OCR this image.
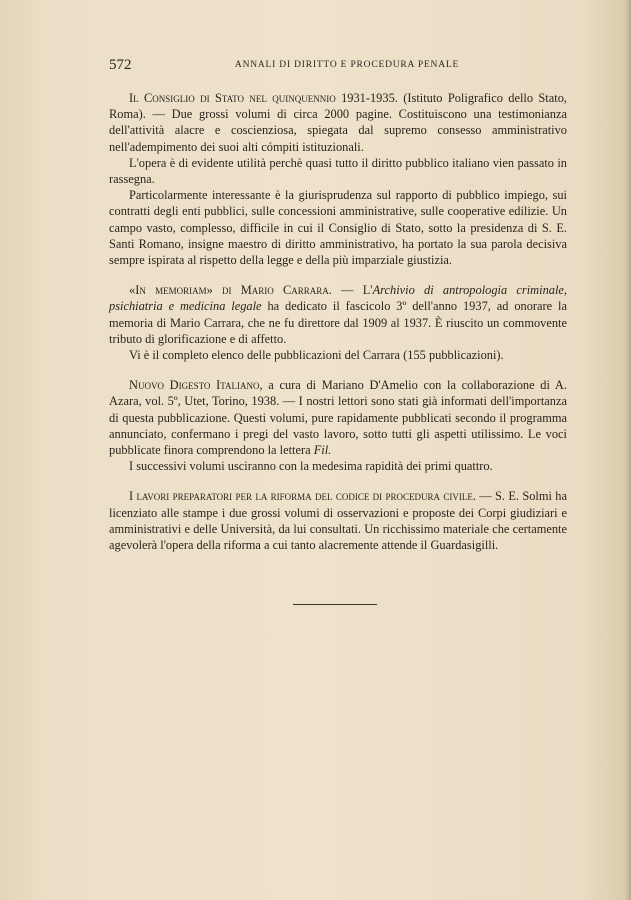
572	ANNALI DI DIRITTO E PROCEDURA PENALE

Il Consiglio di Stato nel quinquennio 1931-1935. (Istituto Poligrafico dello Stato, Roma). — Due grossi volumi di circa 2000 pagine. Costituiscono una testimonianza dell'attività alacre e coscienziosa, spiegata dal supremo consesso amministrativo nell'adempimento dei suoi alti cómpiti istituzionali.

L'opera è di evidente utilità perchè quasi tutto il diritto pubblico italiano vien passato in rassegna.

Particolarmente interessante è la giurisprudenza sul rapporto di pubblico impiego, sui contratti degli enti pubblici, sulle concessioni amministrative, sulle cooperative edilizie. Un campo vasto, complesso, difficile in cui il Consiglio di Stato, sotto la presidenza di S. E. Santi Romano, insigne maestro di diritto amministrativo, ha portato la sua parola decisiva sempre ispirata al rispetto della legge e della più imparziale giustizia.

«In memoriam» di Mario Carrara. — L'Archivio di antropologia criminale, psichiatria e medicina legale ha dedicato il fascicolo 3º dell'anno 1937, ad onorare la memoria di Mario Carrara, che ne fu direttore dal 1909 al 1937. È riuscito un commovente tributo di glorificazione e di affetto.

Vi è il completo elenco delle pubblicazioni del Carrara (155 pubblicazioni).

Nuovo Digesto Italiano, a cura di Mariano D'Amelio con la collaborazione di A. Azara, vol. 5º, Utet, Torino, 1938. — I nostri lettori sono stati già informati dell'importanza di questa pubblicazione. Questi volumi, pure rapidamente pubblicati secondo il programma annunciato, confermano i pregi del vasto lavoro, sotto tutti gli aspetti utilissimo. Le voci pubblicate finora comprendono la lettera Fil.

I successivi volumi usciranno con la medesima rapidità dei primi quattro.

I lavori preparatori per la riforma del codice di procedura civile. — S. E. Solmi ha licenziato alle stampe i due grossi volumi di osservazioni e proposte dei Corpi giudiziari e amministrativi e delle Università, da lui consultati. Un ricchissimo materiale che certamente agevolerà l'opera della riforma a cui tanto alacremente attende il Guardasigilli.
